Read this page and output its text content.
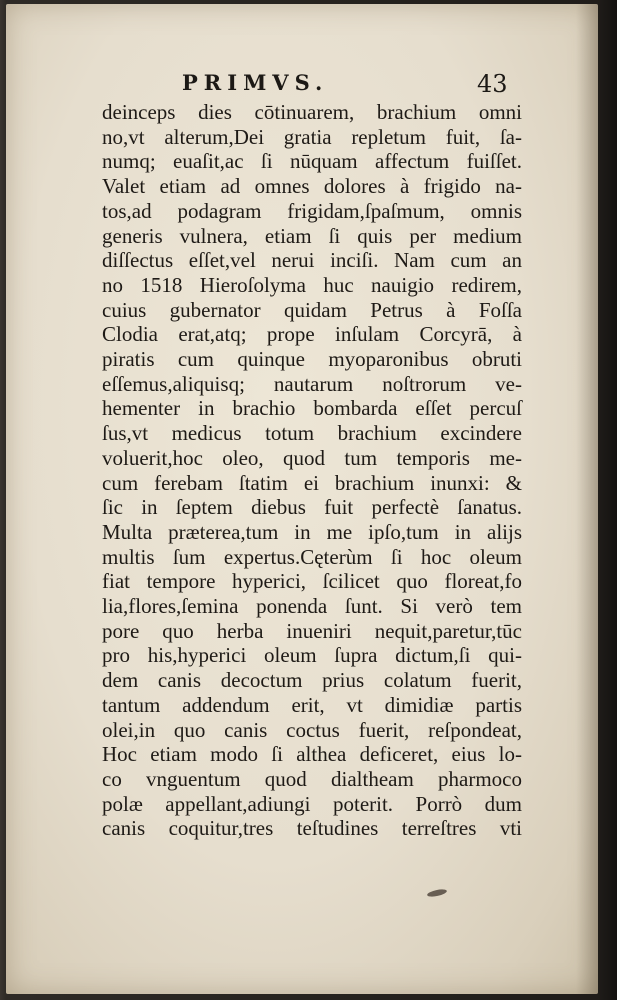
PRIMVS.	43
deinceps dies cōtinuarem, brachium omni
no,vt alterum,Dei gratia repletum fuit, ſa-
numq; euaſit,ac ſi nūquam affectum fuiſſet.
Valet etiam ad omnes dolores à frigido na-
tos,ad podagram frigidam,ſpaſmum, omnis
generis vulnera, etiam ſi quis per medium
diſſectus eſſet,vel nerui inciſi. Nam cum an
no 1518 Hieroſolyma huc nauigio redirem,
cuius gubernator quidam Petrus à Foſſa
Clodia erat,atq; prope inſulam Corcyrā, à
piratis cum quinque myoparonibus obruti
eſſemus,aliquisq; nautarum noſtrorum ve-
hementer in brachio bombarda eſſet percuſ
ſus,vt medicus totum brachium excindere
voluerit,hoc oleo, quod tum temporis me-
cum ferebam ſtatim ei brachium inunxi: &
ſic in ſeptem diebus fuit perfectè ſanatus.
Multa præterea,tum in me ipſo,tum in alijs
multis ſum expertus.Cęterùm ſi hoc oleum
fiat tempore hyperici, ſcilicet quo floreat,fo
lia,flores,ſemina ponenda ſunt. Si verò tem
pore quo herba inueniri nequit,paretur,tūc
pro his,hyperici oleum ſupra dictum,ſi qui-
dem canis decoctum prius colatum fuerit,
tantum addendum erit, vt dimidiæ partis
olei,in quo canis coctus fuerit, reſpondeat,
Hoc etiam modo ſi althea deficeret, eius lo-
co vnguentum quod dialtheam pharmoco
polæ appellant,adiungi poterit. Porrò dum
canis coquitur,tres teſtudines terreſtres vti
